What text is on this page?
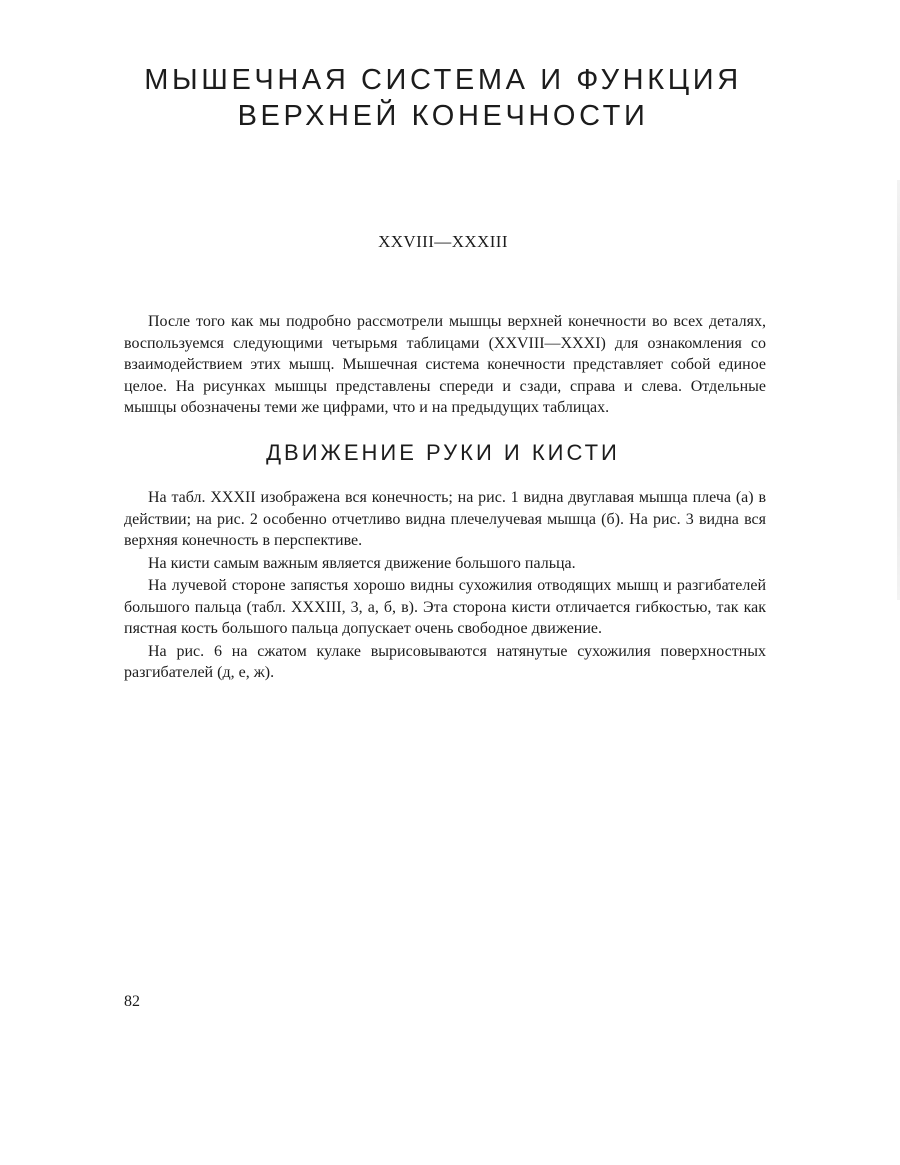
МЫШЕЧНАЯ СИСТЕМА И ФУНКЦИЯ
ВЕРХНЕЙ КОНЕЧНОСТИ
XXVIII—XXXIII

После того как мы подробно рассмотрели мышцы верхней конечности во всех деталях, воспользуемся следующими четырьмя таблицами (XXVIII—XXXI) для ознакомления со взаимодействием этих мышц. Мышечная система конечности представляет собой единое целое. На рисунках мышцы представлены спереди и сзади, справа и слева. Отдельные мышцы обозначены теми же цифрами, что и на предыдущих таблицах.

ДВИЖЕНИЕ РУКИ И КИСТИ

На табл. XXXII изображена вся конечность; на рис. 1 видна двуглавая мышца плеча (а) в действии; на рис. 2 особенно отчетливо видна плечелучевая мышца (б). На рис. 3 видна вся верхняя конечность в перспективе.

На кисти самым важным является движение большого пальца.

На лучевой стороне запястья хорошо видны сухожилия отводящих мышц и разгибателей большого пальца (табл. XXXIII, 3, а, б, в). Эта сторона кисти отличается гибкостью, так как пястная кость большого пальца допускает очень свободное движение.

На рис. 6 на сжатом кулаке вырисовываются натянутые сухожилия поверхностных разгибателей (д, е, ж).

82
